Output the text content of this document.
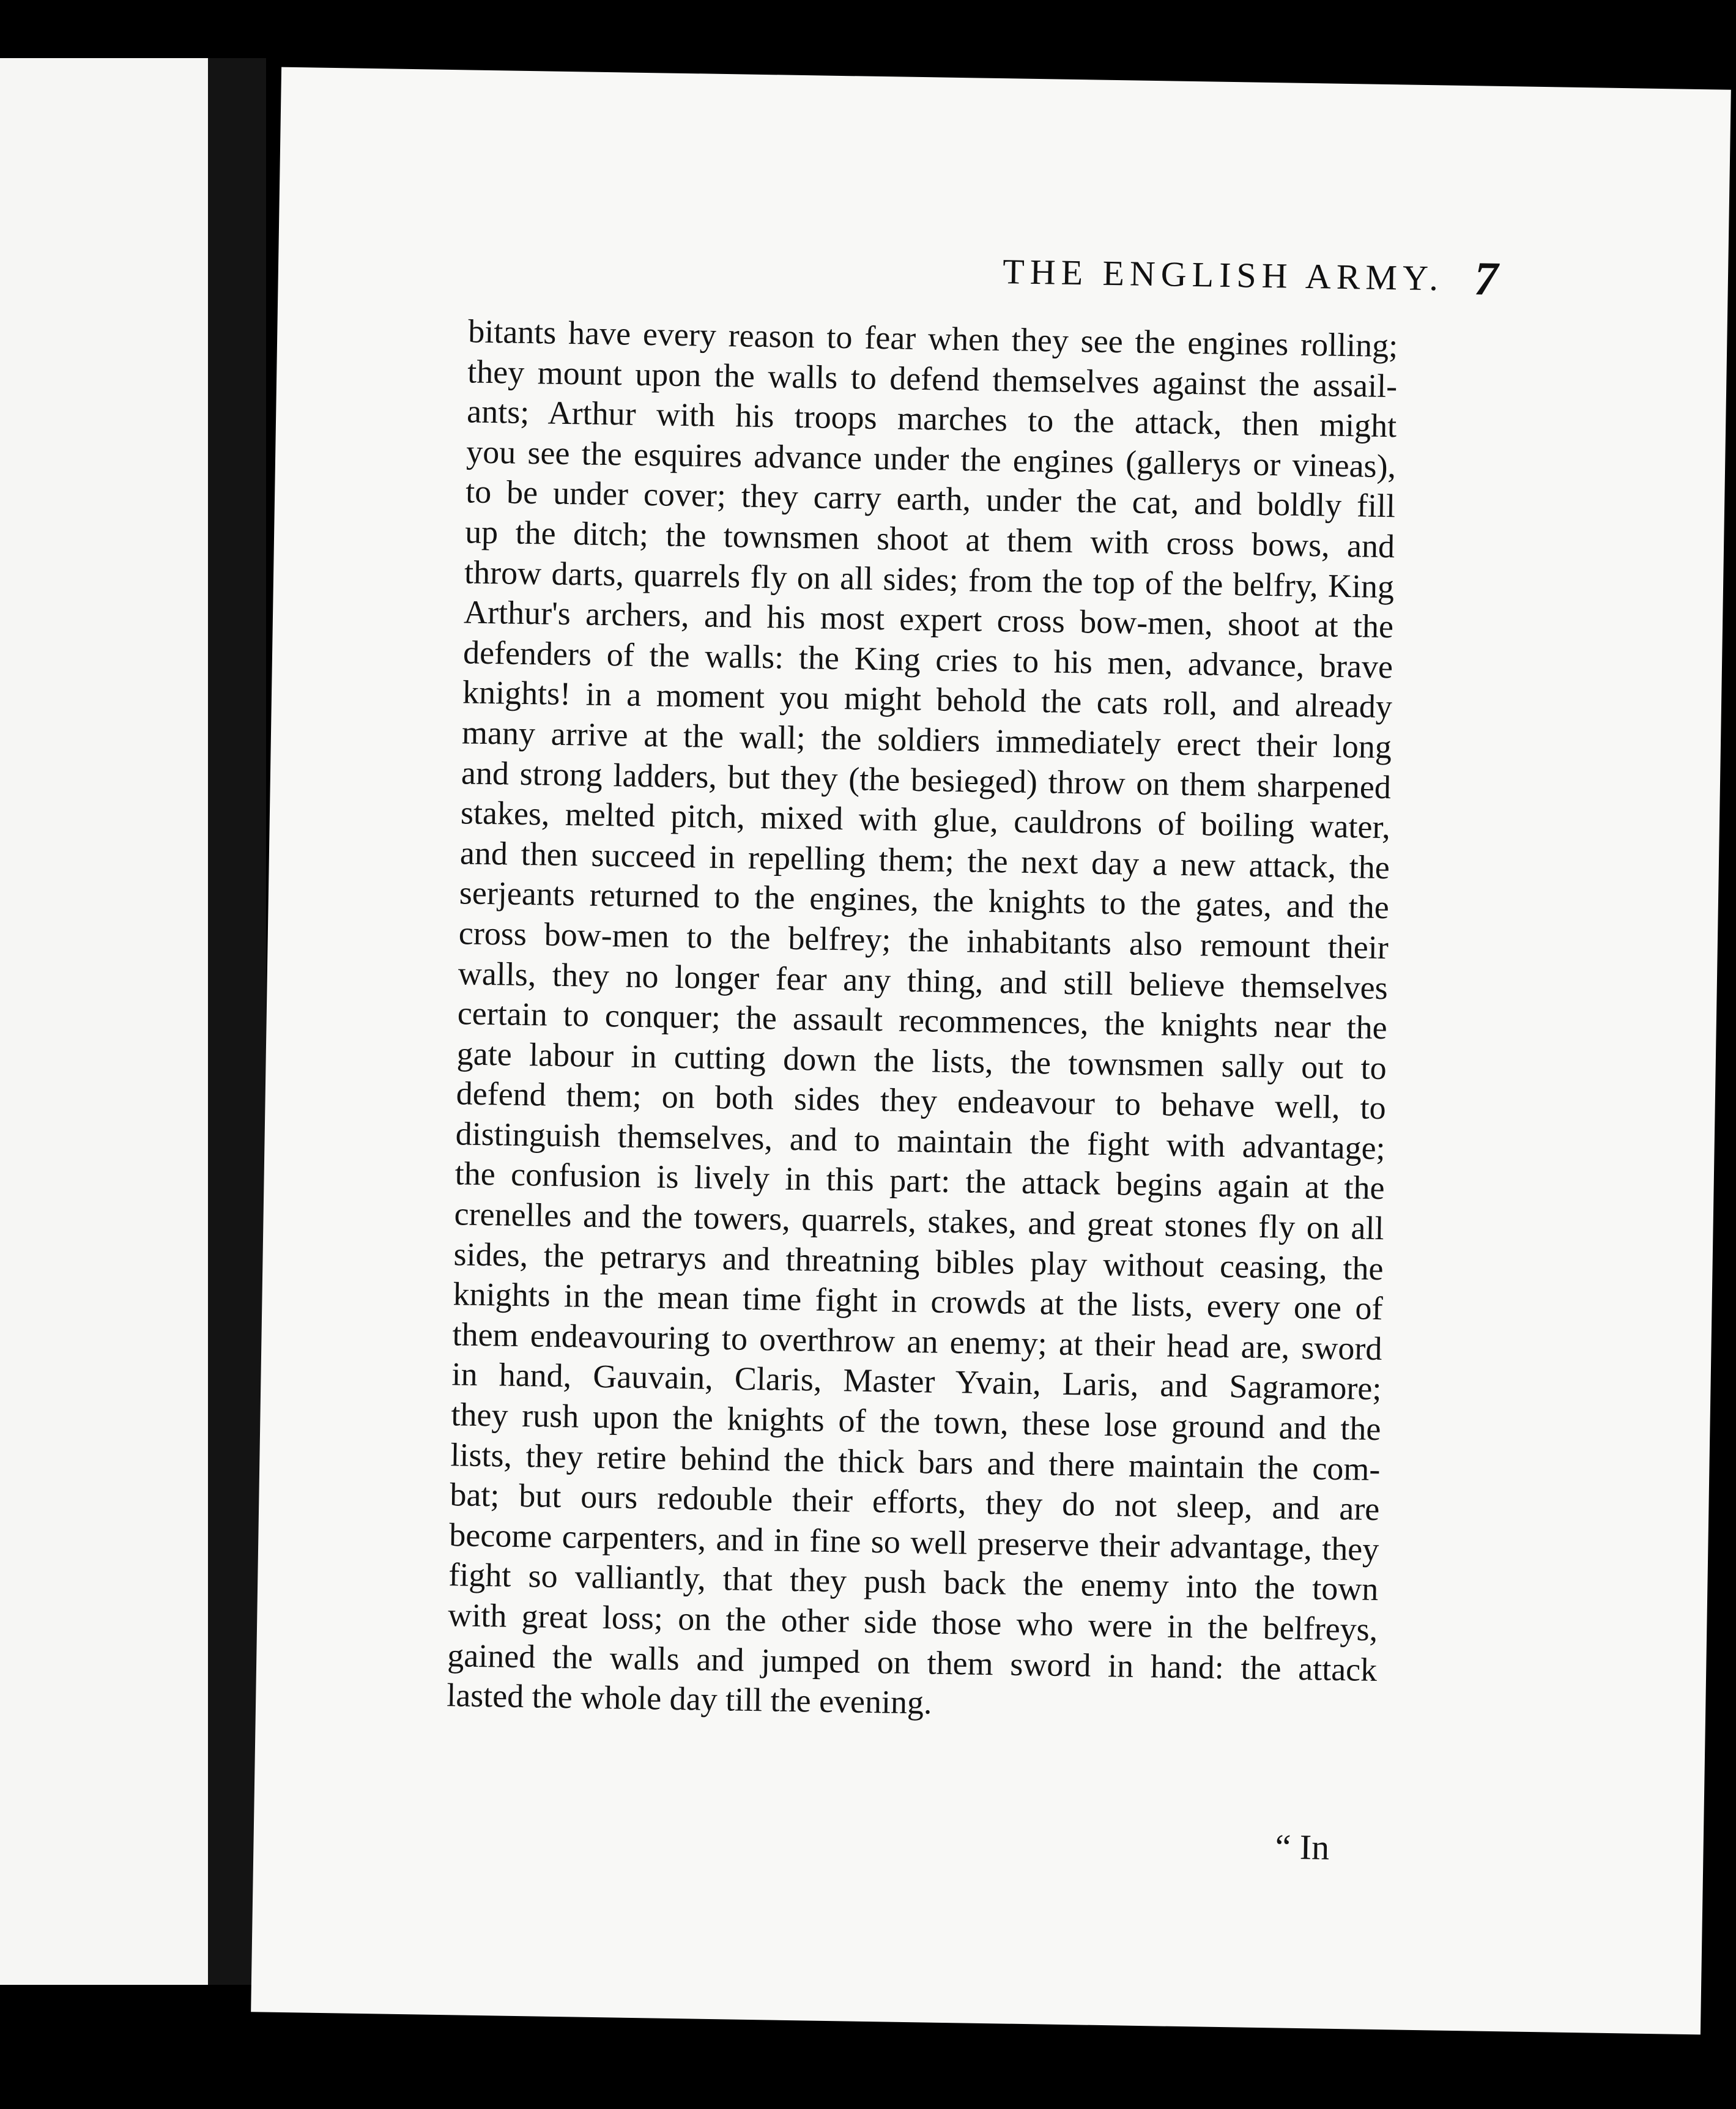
THE ENGLISH ARMY. 7
bitants have every reason to fear when they see the engines rolling;
they mount upon the walls to defend themselves against the assail-
ants; Arthur with his troops marches to the attack, then might
you see the esquires advance under the engines (gallerys or vineas),
to be under cover; they carry earth, under the cat, and boldly fill
up the ditch; the townsmen shoot at them with cross bows, and
throw darts, quarrels fly on all sides; from the top of the belfry, King
Arthur's archers, and his most expert cross bow-men, shoot at the
defenders of the walls: the King cries to his men, advance, brave
knights! in a moment you might behold the cats roll, and already
many arrive at the wall; the soldiers immediately erect their long
and strong ladders, but they (the besieged) throw on them sharpened
stakes, melted pitch, mixed with glue, cauldrons of boiling water,
and then succeed in repelling them; the next day a new attack, the
serjeants returned to the engines, the knights to the gates, and the
cross bow-men to the belfrey; the inhabitants also remount their
walls, they no longer fear any thing, and still believe themselves
certain to conquer; the assault recommences, the knights near the
gate labour in cutting down the lists, the townsmen sally out to
defend them; on both sides they endeavour to behave well, to
distinguish themselves, and to maintain the fight with advantage;
the confusion is lively in this part: the attack begins again at the
crenelles and the towers, quarrels, stakes, and great stones fly on all
sides, the petrarys and threatning bibles play without ceasing, the
knights in the mean time fight in crowds at the lists, every one of
them endeavouring to overthrow an enemy; at their head are, sword
in hand, Gauvain, Claris, Master Yvain, Laris, and Sagramore;
they rush upon the knights of the town, these lose ground and the
lists, they retire behind the thick bars and there maintain the com-
bat; but ours redouble their efforts, they do not sleep, and are
become carpenters, and in fine so well preserve their advantage, they
fight so valliantly, that they push back the enemy into the town
with great loss; on the other side those who were in the belfreys,
gained the walls and jumped on them sword in hand: the attack
lasted the whole day till the evening.
“ In
